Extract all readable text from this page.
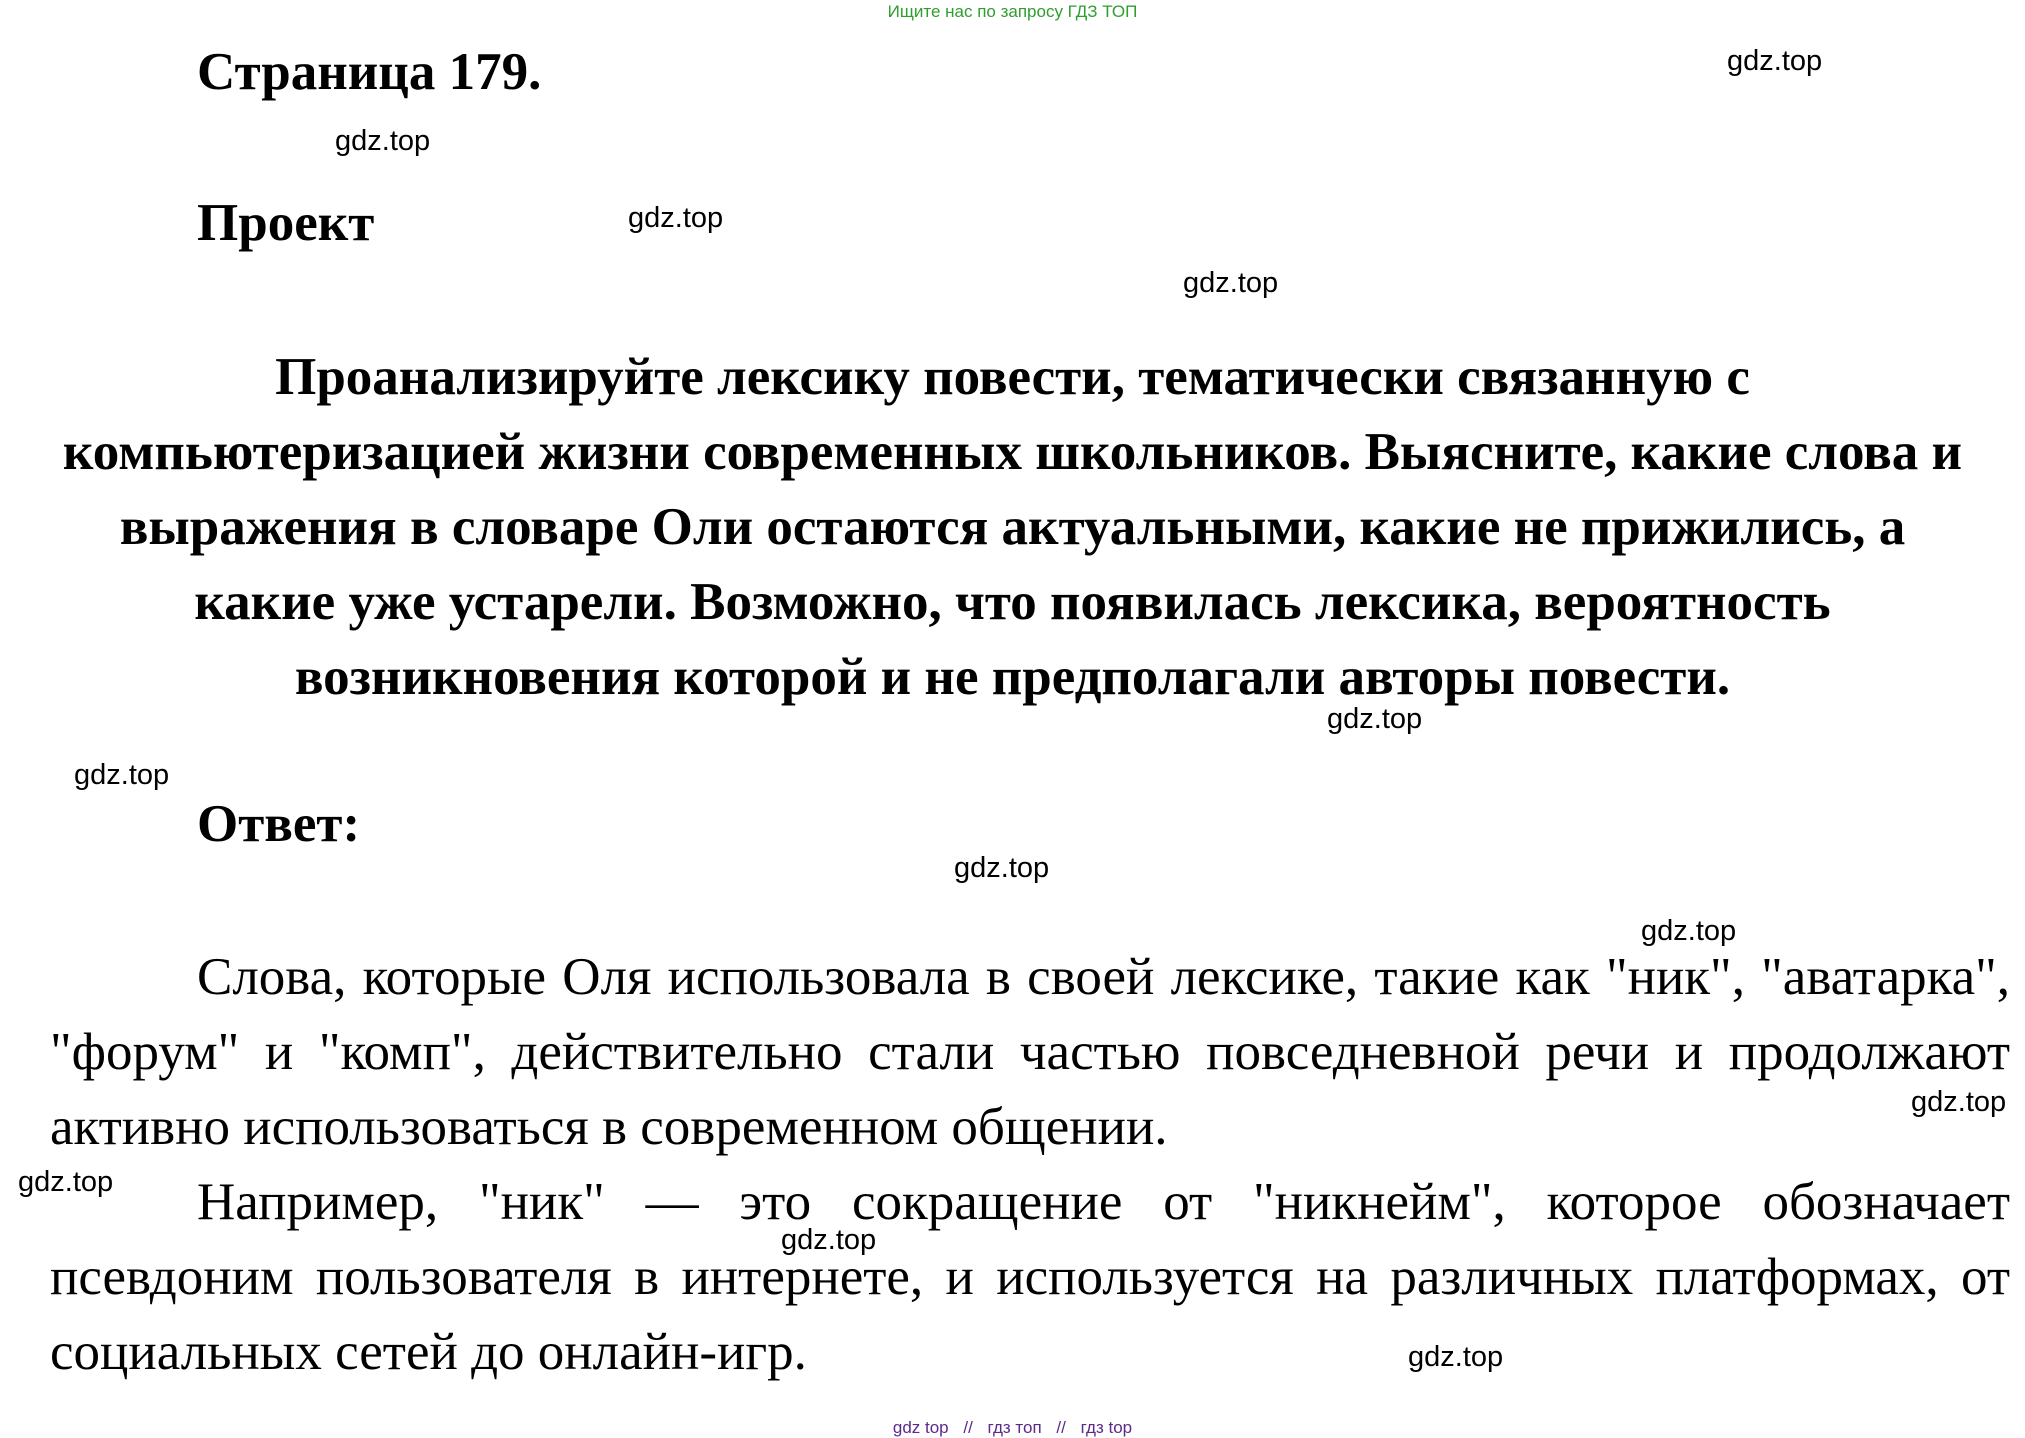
Ищите нас по запросу ГДЗ ТОП
Страница 179.
Проект

Проанализируйте лексику повести, тематически связанную с компьютеризацией жизни современных школьников. Выясните, какие слова и выражения в словаре Оли остаются актуальными, какие не прижились, а какие уже устарели. Возможно, что появилась лексика, вероятность возникновения которой и не предполагали авторы повести.

Ответ:

Слова, которые Оля использовала в своей лексике, такие как "ник", "аватарка", "форум" и "комп", действительно стали частью повседневной речи и продолжают активно использоваться в современном общении.

Например, "ник" — это сокращение от "никнейм", которое обозначает псевдоним пользователя в интернете, и используется на различных платформах, от социальных сетей до онлайн-игр.

gdz.top
gdz.top
gdz.top
gdz.top
gdz.top
gdz.top
gdz.top
gdz.top
gdz.top
gdz.top
gdz.top
gdz.top
gdz top // гдз топ // гдз top
